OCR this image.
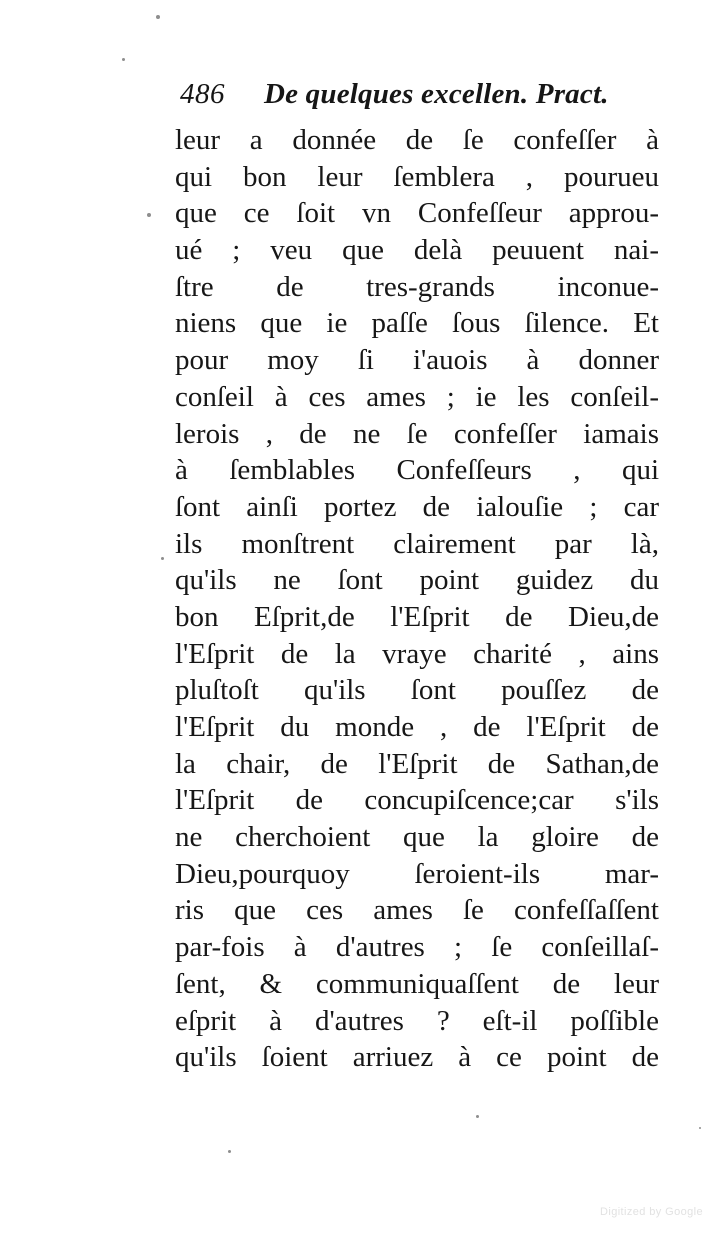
486 De quelques excellen. Pract.
leur a donnée de ſe confeſſer à
qui bon leur ſemblera , pourueu
que ce ſoit vn Confeſſeur approu-
ué ; veu que delà peuuent nai-
ſtre de tres-grands inconue-
niens que ie paſſe ſous ſilence. Et
pour moy ſi i'auois à donner
conſeil à ces ames ; ie les conſeil-
lerois , de ne ſe confeſſer iamais
à ſemblables Confeſſeurs , qui
ſont ainſi portez de ialouſie ; car
ils monſtrent clairement par là,
qu'ils ne ſont point guidez du
bon Eſprit,de l'Eſprit de Dieu,de
l'Eſprit de la vraye charité , ains
pluſtoſt qu'ils ſont pouſſez de
l'Eſprit du monde , de l'Eſprit de
la chair, de l'Eſprit de Sathan,de
l'Eſprit de concupiſcence;car s'ils
ne cherchoient que la gloire de
Dieu,pourquoy ſeroient-ils mar-
ris que ces ames ſe confeſſaſſent
par-fois à d'autres ; ſe conſeillaſ-
ſent, & communiquaſſent de leur
eſprit à d'autres ? eſt-il poſſible
qu'ils ſoient arriuez à ce point de
Digitized by Google
